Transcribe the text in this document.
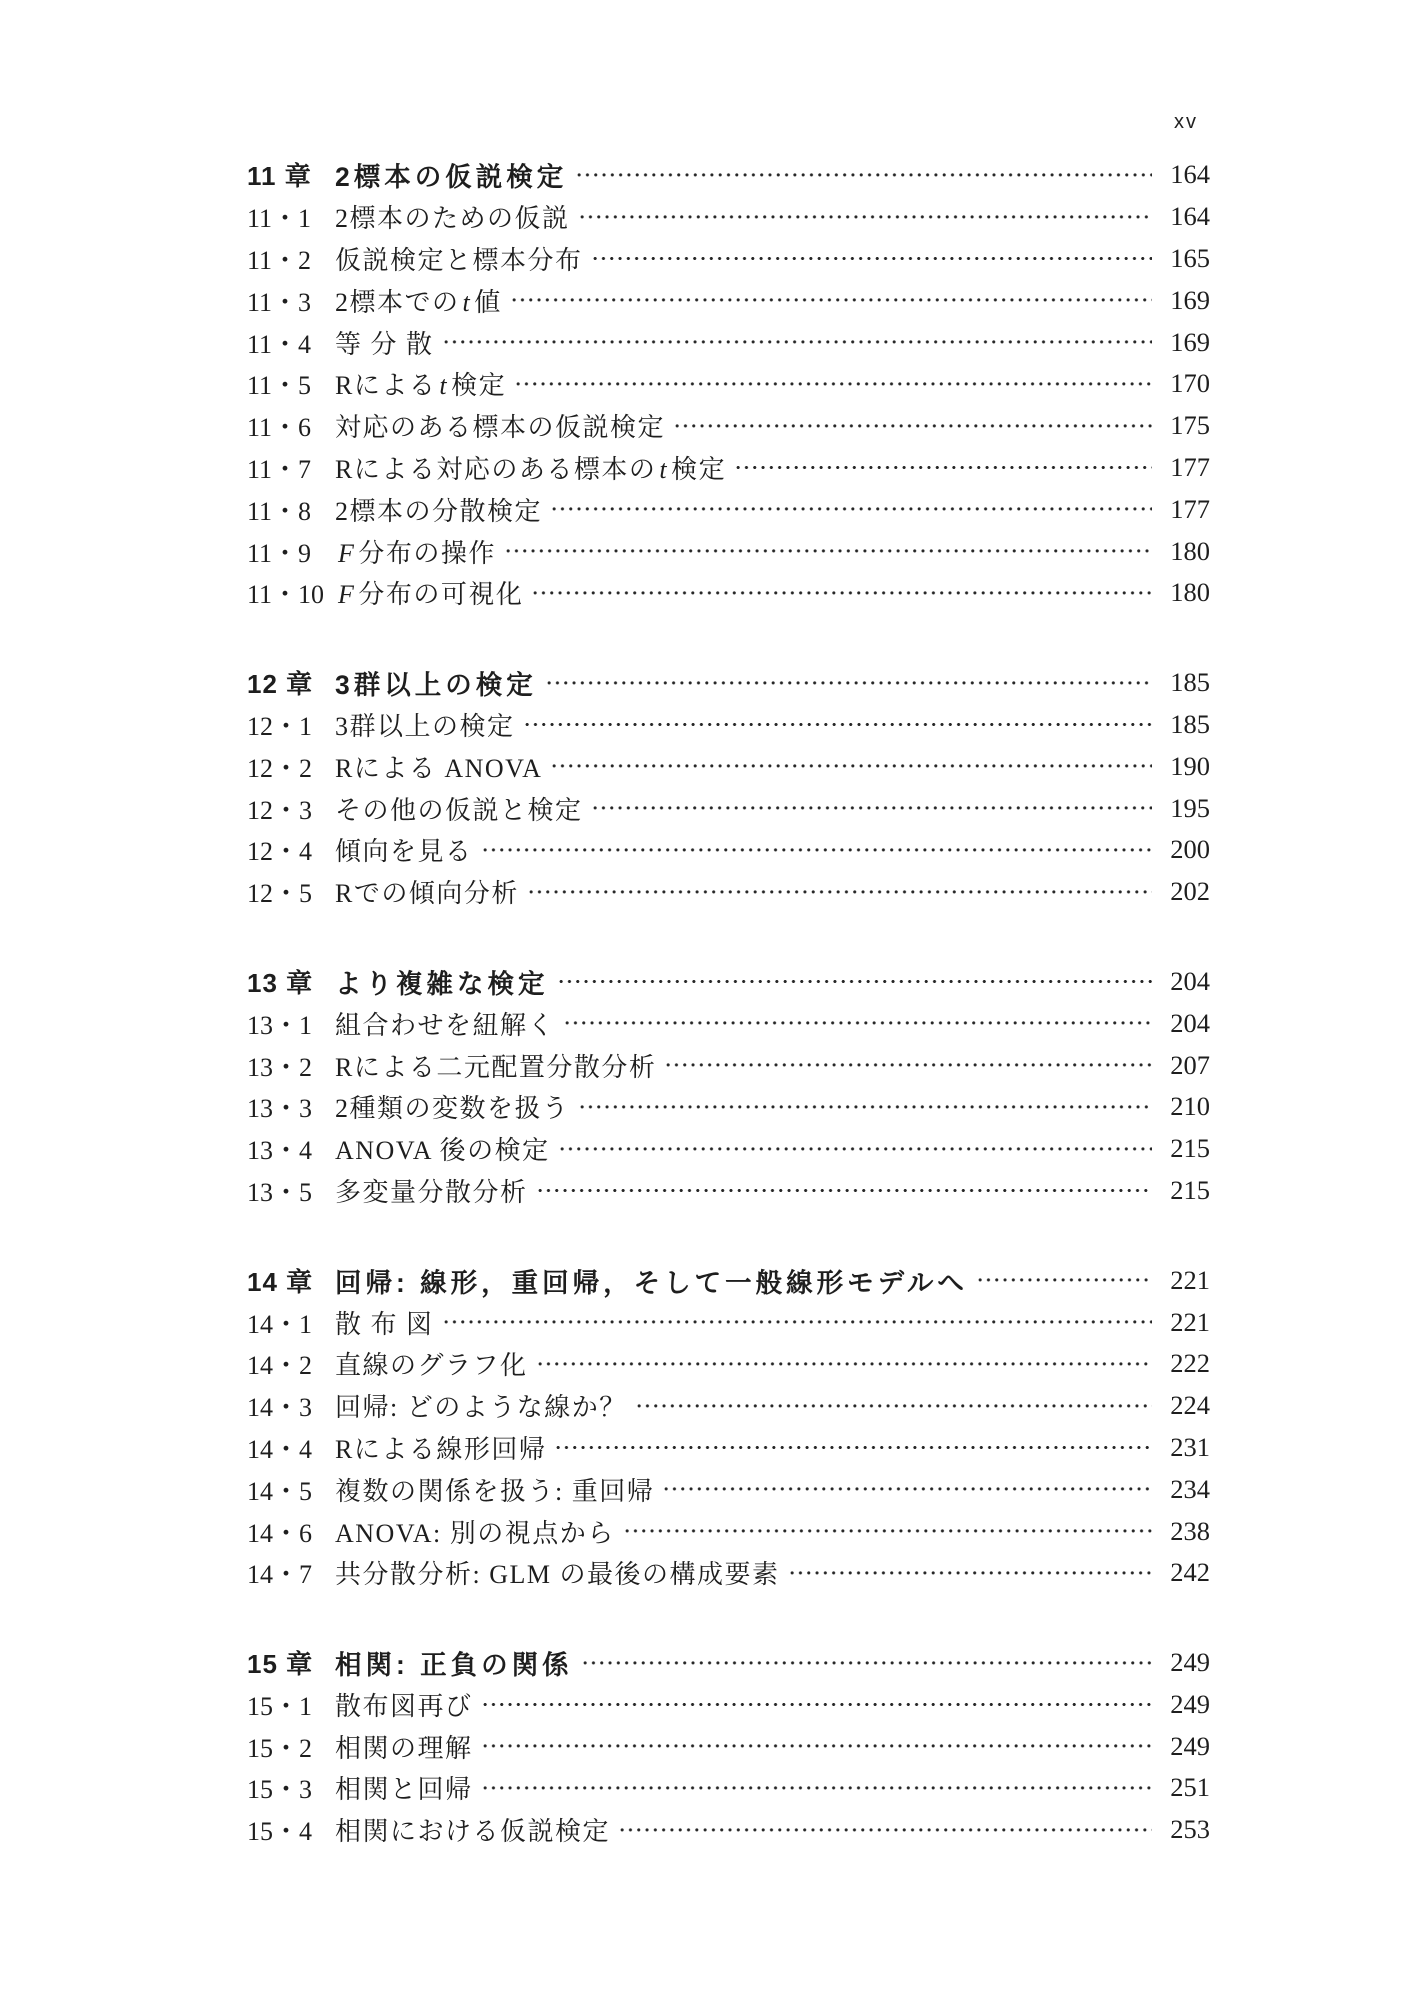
xv
11 章 2標本の仮説検定	164
11・1 2標本のための仮説	164
11・2 仮説検定と標本分布	165
11・3 2標本での t 値	169
11・4 等 分 散	169
11・5 Rによる t 検定	170
11・6 対応のある標本の仮説検定	175
11・7 Rによる対応のある標本の t 検定	177
11・8 2標本の分散検定	177
11・9	F 分布の操作	180
11・10 F 分布の可視化	180
12 章 3群以上の検定	185
12・1 3群以上の検定	185
12・2 Rによる ANOVA	190
12・3 その他の仮説と検定	195
12・4 傾向を見る	200
12・5 Rでの傾向分析	202
13 章 より複雑な検定	204
13・1 組合わせを紐解く	204
13・2 Rによる二元配置分散分析	207
13・3 2種類の変数を扱う	210
13・4 ANOVA 後の検定	215
13・5 多変量分散分析	215
14 章 回帰: 線形，重回帰，そして一般線形モデルへ	221
14・1 散 布 図	221
14・2 直線のグラフ化	222
14・3 回帰: どのような線か？	224
14・4 Rによる線形回帰	231
14・5 複数の関係を扱う: 重回帰	234
14・6 ANOVA: 別の視点から	238
14・7 共分散分析: GLM の最後の構成要素	242
15 章 相関: 正負の関係	249
15・1 散布図再び	249
15・2 相関の理解	249
15・3 相関と回帰	251
15・4 相関における仮説検定	253
